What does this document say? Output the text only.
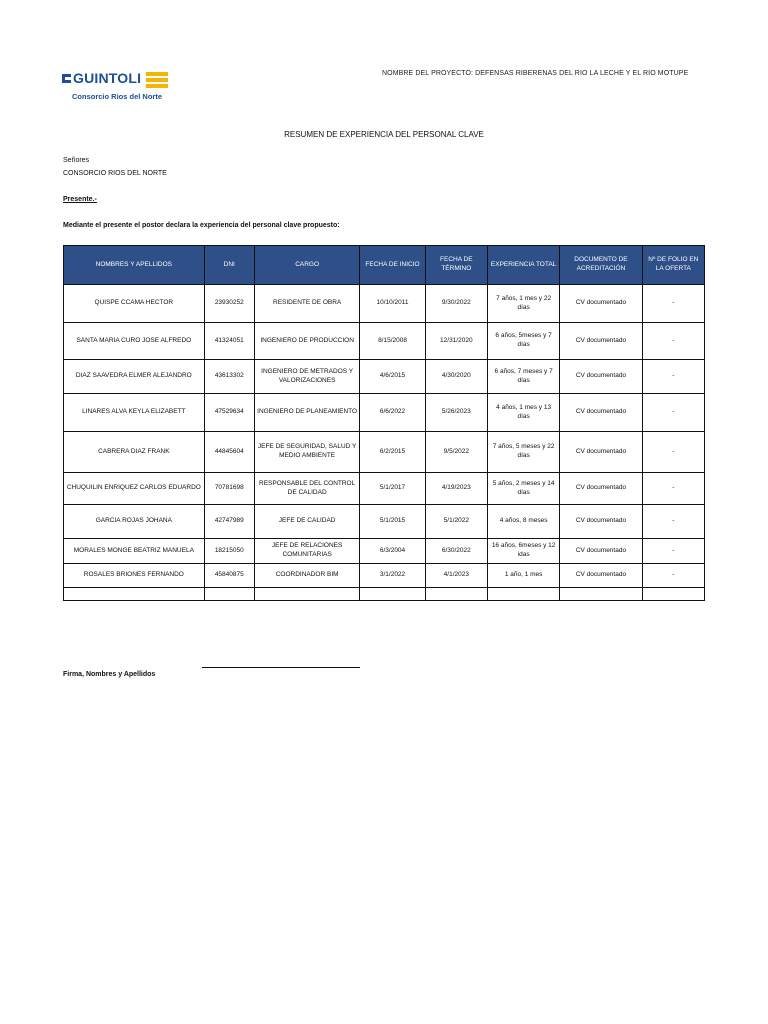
GUINTOLI
Consorcio Rios del Norte
NOMBRE DEL PROYECTO: DEFENSAS RIBERENAS DEL RIO LA LECHE Y EL RIO MOTUPE
RESUMEN DE EXPERIENCIA DEL PERSONAL CLAVE
Señores
CONSORCIO RIOS DEL NORTE
Presente.-
Mediante el presente el postor declara la experiencia del personal clave propuesto:
NOMBRES Y APELLIDOS	DNI	CARGO	FECHA DE INICIO	FECHA DE TÉRMINO	EXPERIENCIA TOTAL	DOCUMENTO DE ACREDITACIÓN	Nº DE FOLIO EN LA OFERTA
QUISPE CCAMA HECTOR	23930252	RESIDENTE DE OBRA	10/10/2011	9/30/2022	7 años, 1 mes y 22 días	CV documentado	-
SANTA MARIA CURO JOSE ALFREDO	41324051	INGENIERO DE PRODUCCION	8/15/2008	12/31/2020	6 años, 5meses y 7 días	CV documentado	-
DIAZ SAAVEDRA ELMER ALEJANDRO	43613302	INGENIERO DE METRADOS Y VALORIZACIONES	4/6/2015	4/30/2020	6 años, 7 meses y 7 días	CV documentado	-
LINARES ALVA KEYLA ELIZABETT	47529634	INGENIERO DE PLANEAMIENTO	6/6/2022	5/26/2023	4 años, 1 mes y 13 días	CV documentado	-
CABRERA DIAZ FRANK	44845604	JEFE DE SEGURIDAD, SALUD Y MEDIO AMBIENTE	6/2/2015	9/5/2022	7 años, 5 meses y 22 días	CV documentado	-
CHUQUILIN ENRIQUEZ CARLOS EDUARDO	70781698	RESPONSABLE DEL CONTROL DE CALIDAD	5/1/2017	4/19/2023	5 años, 2 meses y 14 días	CV documentado	-
GARCIA ROJAS JOHANA	42747989	JEFE DE CALIDAD	5/1/2015	5/1/2022	4 años, 8 meses	CV documentado	-
MORALES MONGE BEATRIZ MANUELA	18215050	JEFE DE RELACIONES COMUNITARIAS	6/3/2004	6/30/2022	16 años, 6meses y 12 idas	CV documentado	-
ROSALES BRIONES FERNANDO	45840875	COORDINADOR BIM	3/1/2022	4/1/2023	1 año, 1 mes	CV documentado	-

Firma, Nombres y Apellidos
